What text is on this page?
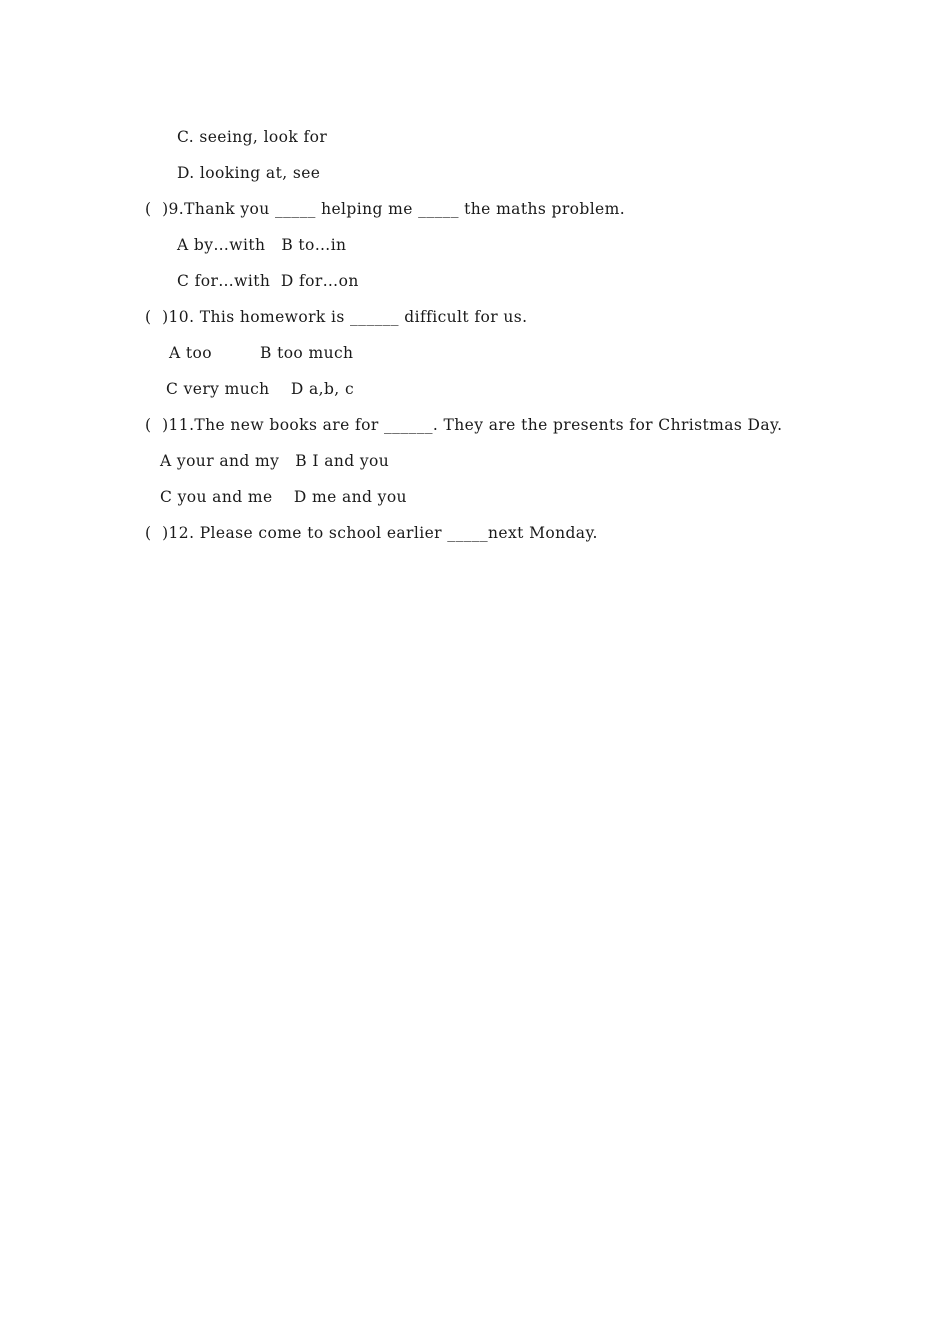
C. seeing, look for
D. looking at, see
(  )9.Thank you _____ helping me _____ the maths problem.
A by…with   B to…in
C for…with  D for…on
(  )10. This homework is ______ difficult for us.
A too         B too much
C very much    D a,b, c
(  )11.The new books are for ______. They are the presents for Christmas Day.
A your and my   B I and you
C you and me    D me and you
(  )12. Please come to school earlier _____next Monday.
